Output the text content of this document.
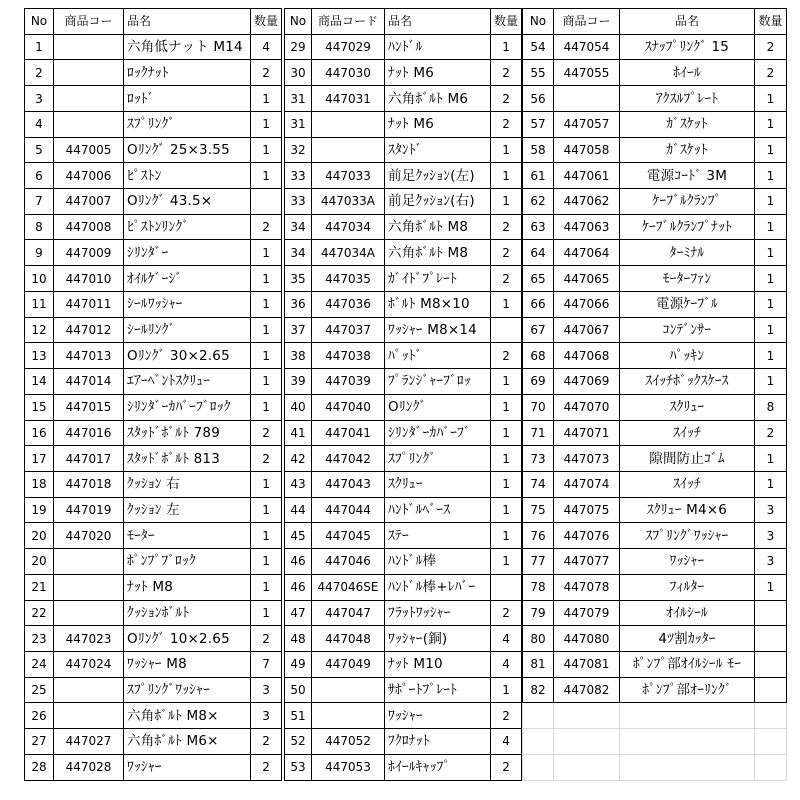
No	商品コー	品名	数量
1		六角低ナット M14	4
2		ﾛｯｸﾅｯﾄ	2
3		ﾛｯﾄﾞ	1
4		ｽﾌﾟﾘﾝｸﾞ	1
5	447005	Oﾘﾝｸﾞ 25×3.55	1
6	447006	ﾋﾟｽﾄﾝ	1
7	447007	Oﾘﾝｸﾞ 43.5×	
8	447008	ﾋﾟｽﾄﾝﾘﾝｸﾞ	2
9	447009	ｼﾘﾝﾀﾞｰ	1
10	447010	ｵｲﾙｹﾞｰｼﾞ	1
11	447011	ｼｰﾙﾜｯｼｬｰ	1
12	447012	ｼｰﾙﾘﾝｸﾞ	1
13	447013	Oﾘﾝｸﾞ 30×2.65	1
14	447014	ｴｱｰﾍﾞﾝﾄｽｸﾘｭｰ	1
15	447015	ｼﾘﾝﾀﾞｰｶﾊﾞｰﾌﾞﾛｯｸ	1
16	447016	ｽﾀｯﾄﾞﾎﾞﾙﾄ 789	2
17	447017	ｽﾀｯﾄﾞﾎﾞﾙﾄ 813	2
18	447018	ｸｯｼｮﾝ 右	1
19	447019	ｸｯｼｮﾝ 左	1
20	447020	ﾓｰﾀｰ	1
20		ﾎﾟﾝﾌﾟﾌﾞﾛｯｸ	1
21		ﾅｯﾄ M8	1
22		ｸｯｼｮﾝﾎﾞﾙﾄ	1
23	447023	Oﾘﾝｸﾞ 10×2.65	2
24	447024	ﾜｯｼｬｰ M8	7
25		ｽﾌﾟﾘﾝｸﾞﾜｯｼｬｰ	3
26		六角ﾎﾞﾙﾄ M8×	3
27	447027	六角ﾎﾞﾙﾄ M6×	2
28	447028	ﾜｯｼｬｰ	2
No	商品コード	品名	数量
29	447029	ﾊﾝﾄﾞﾙ	1
30	447030	ﾅｯﾄ M6	2
31	447031	六角ﾎﾞﾙﾄ M6	2
31		ﾅｯﾄ M6	2
32		ｽﾀﾝﾄﾞ	1
33	447033	前足ｸｯｼｮﾝ(左)	1
33	447033A	前足ｸｯｼｮﾝ(右)	1
34	447034	六角ﾎﾞﾙﾄ M8	2
34	447034A	六角ﾎﾞﾙﾄ M8	2
35	447035	ｶﾞｲﾄﾞﾌﾟﾚｰﾄ	2
36	447036	ﾎﾞﾙﾄ M8×10	1
37	447037	ﾜｯｼｬｰ M8×14	
38	447038	ﾊﾟｯﾄﾞ	2
39	447039	ﾌﾟﾗﾝｼﾞｬｰﾌﾞﾛｯ	1
40	447040	Oﾘﾝｸﾞ	1
41	447041	ｼﾘﾝﾀﾞｰｶﾊﾞｰﾌﾞ	1
42	447042	ｽﾌﾟﾘﾝｸﾞ	1
43	447043	ｽｸﾘｭｰ	1
44	447044	ﾊﾝﾄﾞﾙﾍﾞｰｽ	1
45	447045	ｽﾃｰ	1
46	447046	ﾊﾝﾄﾞﾙ棒	1
46	447046SE	ﾊﾝﾄﾞﾙ棒+ﾚﾊﾞｰ	
47	447047	ﾌﾗｯﾄﾜｯｼｬｰ	2
48	447048	ﾜｯｼｬｰ(銅)	4
49	447049	ﾅｯﾄ M10	4
50		ｻﾎﾟｰﾄﾌﾟﾚｰﾄ	1
51		ﾜｯｼｬｰ	2
52	447052	ﾌｸﾛﾅｯﾄ	4
53	447053	ﾎｲｰﾙｷｬｯﾌﾟ	2
No	商品コー	品名	数量
54	447054	ｽﾅｯﾌﾟﾘﾝｸﾞ 15	2
55	447055	ﾎｲｰﾙ	2
56		ｱｸｽﾙﾌﾟﾚｰﾄ	1
57	447057	ｶﾞｽｹｯﾄ	1
58	447058	ｶﾞｽｹｯﾄ	1
61	447061	電源ｺｰﾄﾞ 3M	1
62	447062	ｹｰﾌﾞﾙｸﾗﾝﾌﾟ	1
63	447063	ｹｰﾌﾞﾙｸﾗﾝﾌﾟﾅｯﾄ	1
64	447064	ﾀｰﾐﾅﾙ	1
65	447065	ﾓｰﾀｰﾌｧﾝ	1
66	447066	電源ｹｰﾌﾞﾙ	1
67	447067	ｺﾝﾃﾞﾝｻｰ	1
68	447068	ﾊﾟｯｷﾝ	1
69	447069	ｽｲｯﾁﾎﾞｯｸｽｹｰｽ	1
70	447070	ｽｸﾘｭｰ	8
71	447071	ｽｲｯﾁ	2
73	447073	隙間防止ｺﾞﾑ	1
74	447074	ｽｲｯﾁ	1
75	447075	ｽｸﾘｭｰ M4×6	3
76	447076	ｽﾌﾟﾘﾝｸﾞﾜｯｼｬｰ	3
77	447077	ﾜｯｼｬｰ	3
78	447078	ﾌｨﾙﾀｰ	1
79	447079	ｵｲﾙｼｰﾙ	
80	447080	4ﾂ割ｶｯﾀｰ	
81	447081	ﾎﾟﾝﾌﾟ部ｵｲﾙｼｰﾙ ﾓｰ	
82	447082	ﾎﾟﾝﾌﾟ部ｵｰﾘﾝｸﾞ	
